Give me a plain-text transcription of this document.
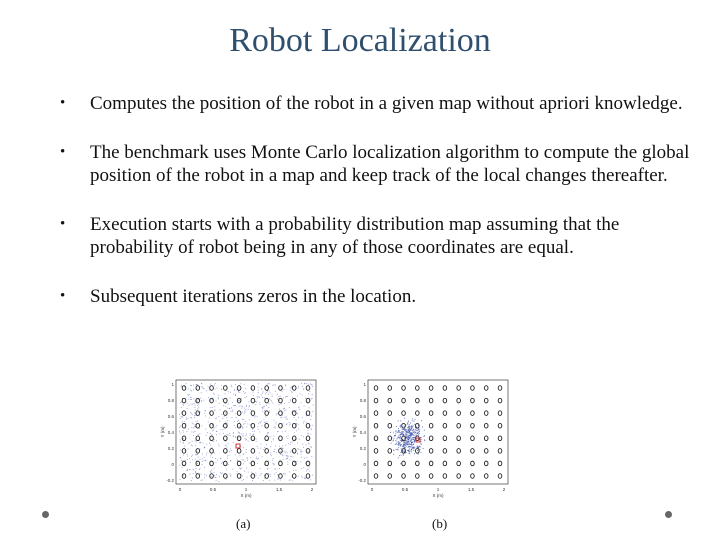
Robot Localization
• Computes the position of the robot in a given map without apriori knowledge.
• The benchmark uses Monte Carlo localization algorithm to compute the global position of the robot in a map and keep track of the local changes thereafter.
• Execution starts with a probability distribution map assuming that the probability of robot being in any of those coordinates are equal.
• Subsequent iterations zeros in the location.
1
0.8
0.6
0.4
0.2
0
-0.2
0	0.5	1	1.5	2
X (m)
Y (m)
1
0.8
0.6
0.4
0.2
0
-0.2
0	0.5	1	1.5	2
X (m)
Y (m)
(a)	(b)
